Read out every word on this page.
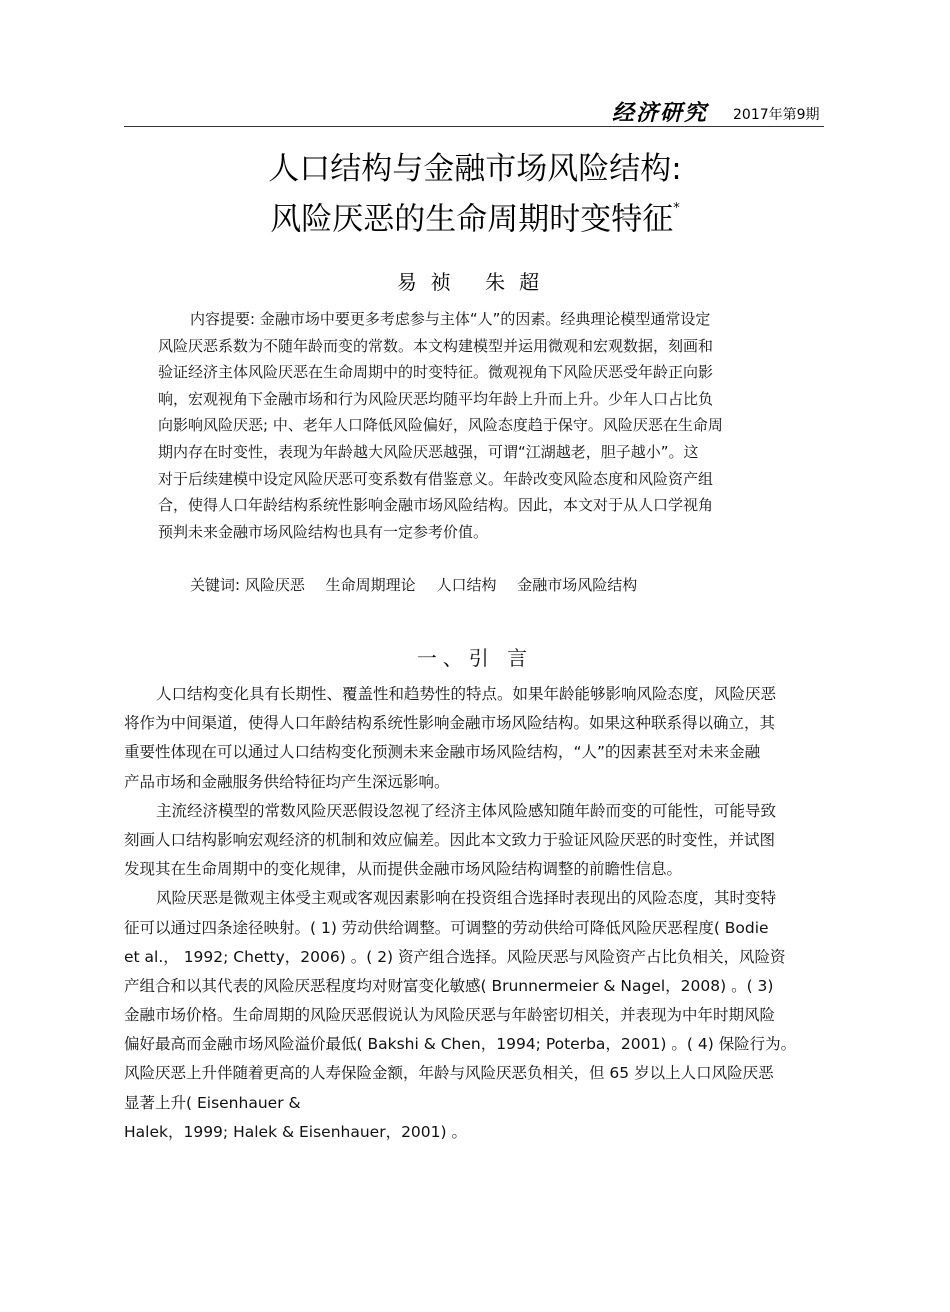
经济研究 2017年第9期
人口结构与金融市场风险结构:
风险厌恶的生命周期时变特征*
易祯 朱超
内容提要: 金融市场中要更多考虑参与主体“人”的因素。经典理论模型通常设定
风险厌恶系数为不随年龄而变的常数。本文构建模型并运用微观和宏观数据，刻画和
验证经济主体风险厌恶在生命周期中的时变特征。微观视角下风险厌恶受年龄正向影
响，宏观视角下金融市场和行为风险厌恶均随平均年龄上升而上升。少年人口占比负
向影响风险厌恶; 中、老年人口降低风险偏好，风险态度趋于保守。风险厌恶在生命周
期内存在时变性，表现为年龄越大风险厌恶越强，可谓“江湖越老，胆子越小”。这
对于后续建模中设定风险厌恶可变系数有借鉴意义。年龄改变风险态度和风险资产组
合，使得人口年龄结构系统性影响金融市场风险结构。因此，本文对于从人口学视角
预判未来金融市场风险结构也具有一定参考价值。
关键词: 风险厌恶 生命周期理论 人口结构 金融市场风险结构
一、引 言
人口结构变化具有长期性、覆盖性和趋势性的特点。如果年龄能够影响风险态度，风险厌恶
将作为中间渠道，使得人口年龄结构系统性影响金融市场风险结构。如果这种联系得以确立，其
重要性体现在可以通过人口结构变化预测未来金融市场风险结构，“人”的因素甚至对未来金融
产品市场和金融服务供给特征均产生深远影响。
主流经济模型的常数风险厌恶假设忽视了经济主体风险感知随年龄而变的可能性，可能导致
刻画人口结构影响宏观经济的机制和效应偏差。因此本文致力于验证风险厌恶的时变性，并试图
发现其在生命周期中的变化规律，从而提供金融市场风险结构调整的前瞻性信息。
风险厌恶是微观主体受主观或客观因素影响在投资组合选择时表现出的风险态度，其时变特
征可以通过四条途径映射。( 1) 劳动供给调整。可调整的劳动供给可降低风险厌恶程度( Bodie
et al.， 1992; Chetty，2006) 。( 2) 资产组合选择。风险厌恶与风险资产占比负相关，风险资
产组合和以其代表的风险厌恶程度均对财富变化敏感( Brunnermeier & Nagel，2008) 。( 3)
金融市场价格。生命周期的风险厌恶假说认为风险厌恶与年龄密切相关，并表现为中年时期风险
偏好最高而金融市场风险溢价最低( Bakshi & Chen，1994; Poterba，2001) 。( 4) 保险行为。
风险厌恶上升伴随着更高的人寿保险金额，年龄与风险厌恶负相关，但 65 岁以上人口风险厌恶
显著上升( Eisenhauer &
Halek，1999; Halek & Eisenhauer，2001) 。
